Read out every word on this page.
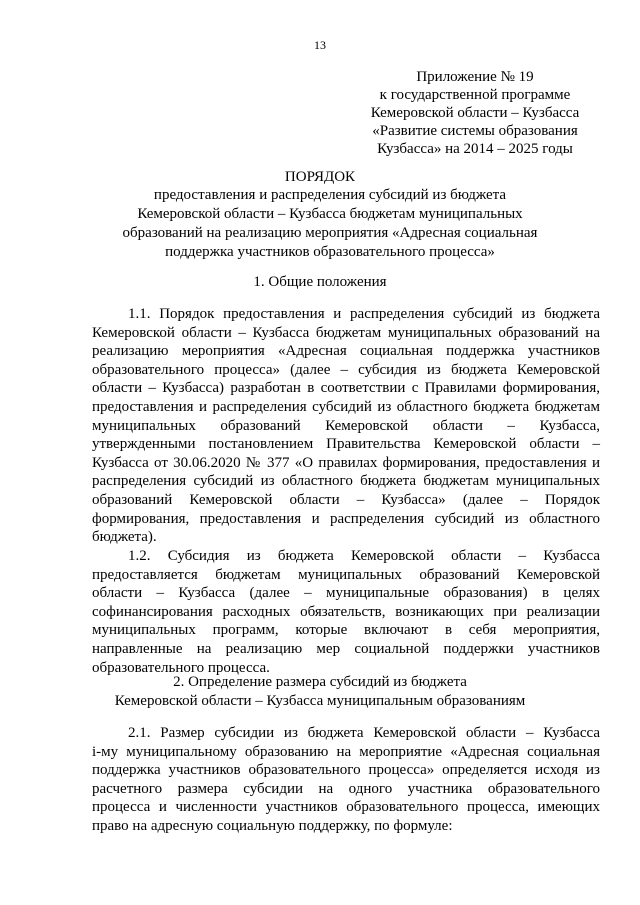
13
Приложение № 19
к государственной программе
Кемеровской области – Кузбасса
«Развитие системы образования
Кузбасса» на 2014 – 2025 годы
ПОРЯДОК
предоставления и распределения субсидий из бюджета
Кемеровской области – Кузбасса бюджетам муниципальных
образований на реализацию мероприятия «Адресная социальная
поддержка участников образовательного процесса»
1. Общие положения
1.1. Порядок предоставления и распределения субсидий из бюджета
Кемеровской области – Кузбасса бюджетам муниципальных образований на
реализацию мероприятия «Адресная социальная поддержка участников
образовательного процесса» (далее – субсидия из бюджета Кемеровской
области – Кузбасса) разработан в соответствии с Правилами формирования,
предоставления и распределения субсидий из областного бюджета бюджетам
муниципальных образований Кемеровской области – Кузбасса,
утвержденными постановлением Правительства Кемеровской области –
Кузбасса от 30.06.2020 № 377 «О правилах формирования, предоставления и
распределения субсидий из областного бюджета бюджетам муниципальных
образований Кемеровской области – Кузбасса» (далее – Порядок
формирования, предоставления и распределения субсидий из областного
бюджета).
1.2. Субсидия из бюджета Кемеровской области – Кузбасса
предоставляется бюджетам муниципальных образований Кемеровской
области – Кузбасса (далее – муниципальные образования) в целях
софинансирования расходных обязательств, возникающих при реализации
муниципальных программ, которые включают в себя мероприятия,
направленные на реализацию мер социальной поддержки участников
образовательного процесса.
2. Определение размера субсидий из бюджета
Кемеровской области – Кузбасса муниципальным образованиям
2.1. Размер субсидии из бюджета Кемеровской области – Кузбасса
i-му муниципальному образованию на мероприятие «Адресная социальная
поддержка участников образовательного процесса» определяется исходя из
расчетного размера субсидии на одного участника образовательного
процесса и численности участников образовательного процесса, имеющих
право на адресную социальную поддержку, по формуле:
